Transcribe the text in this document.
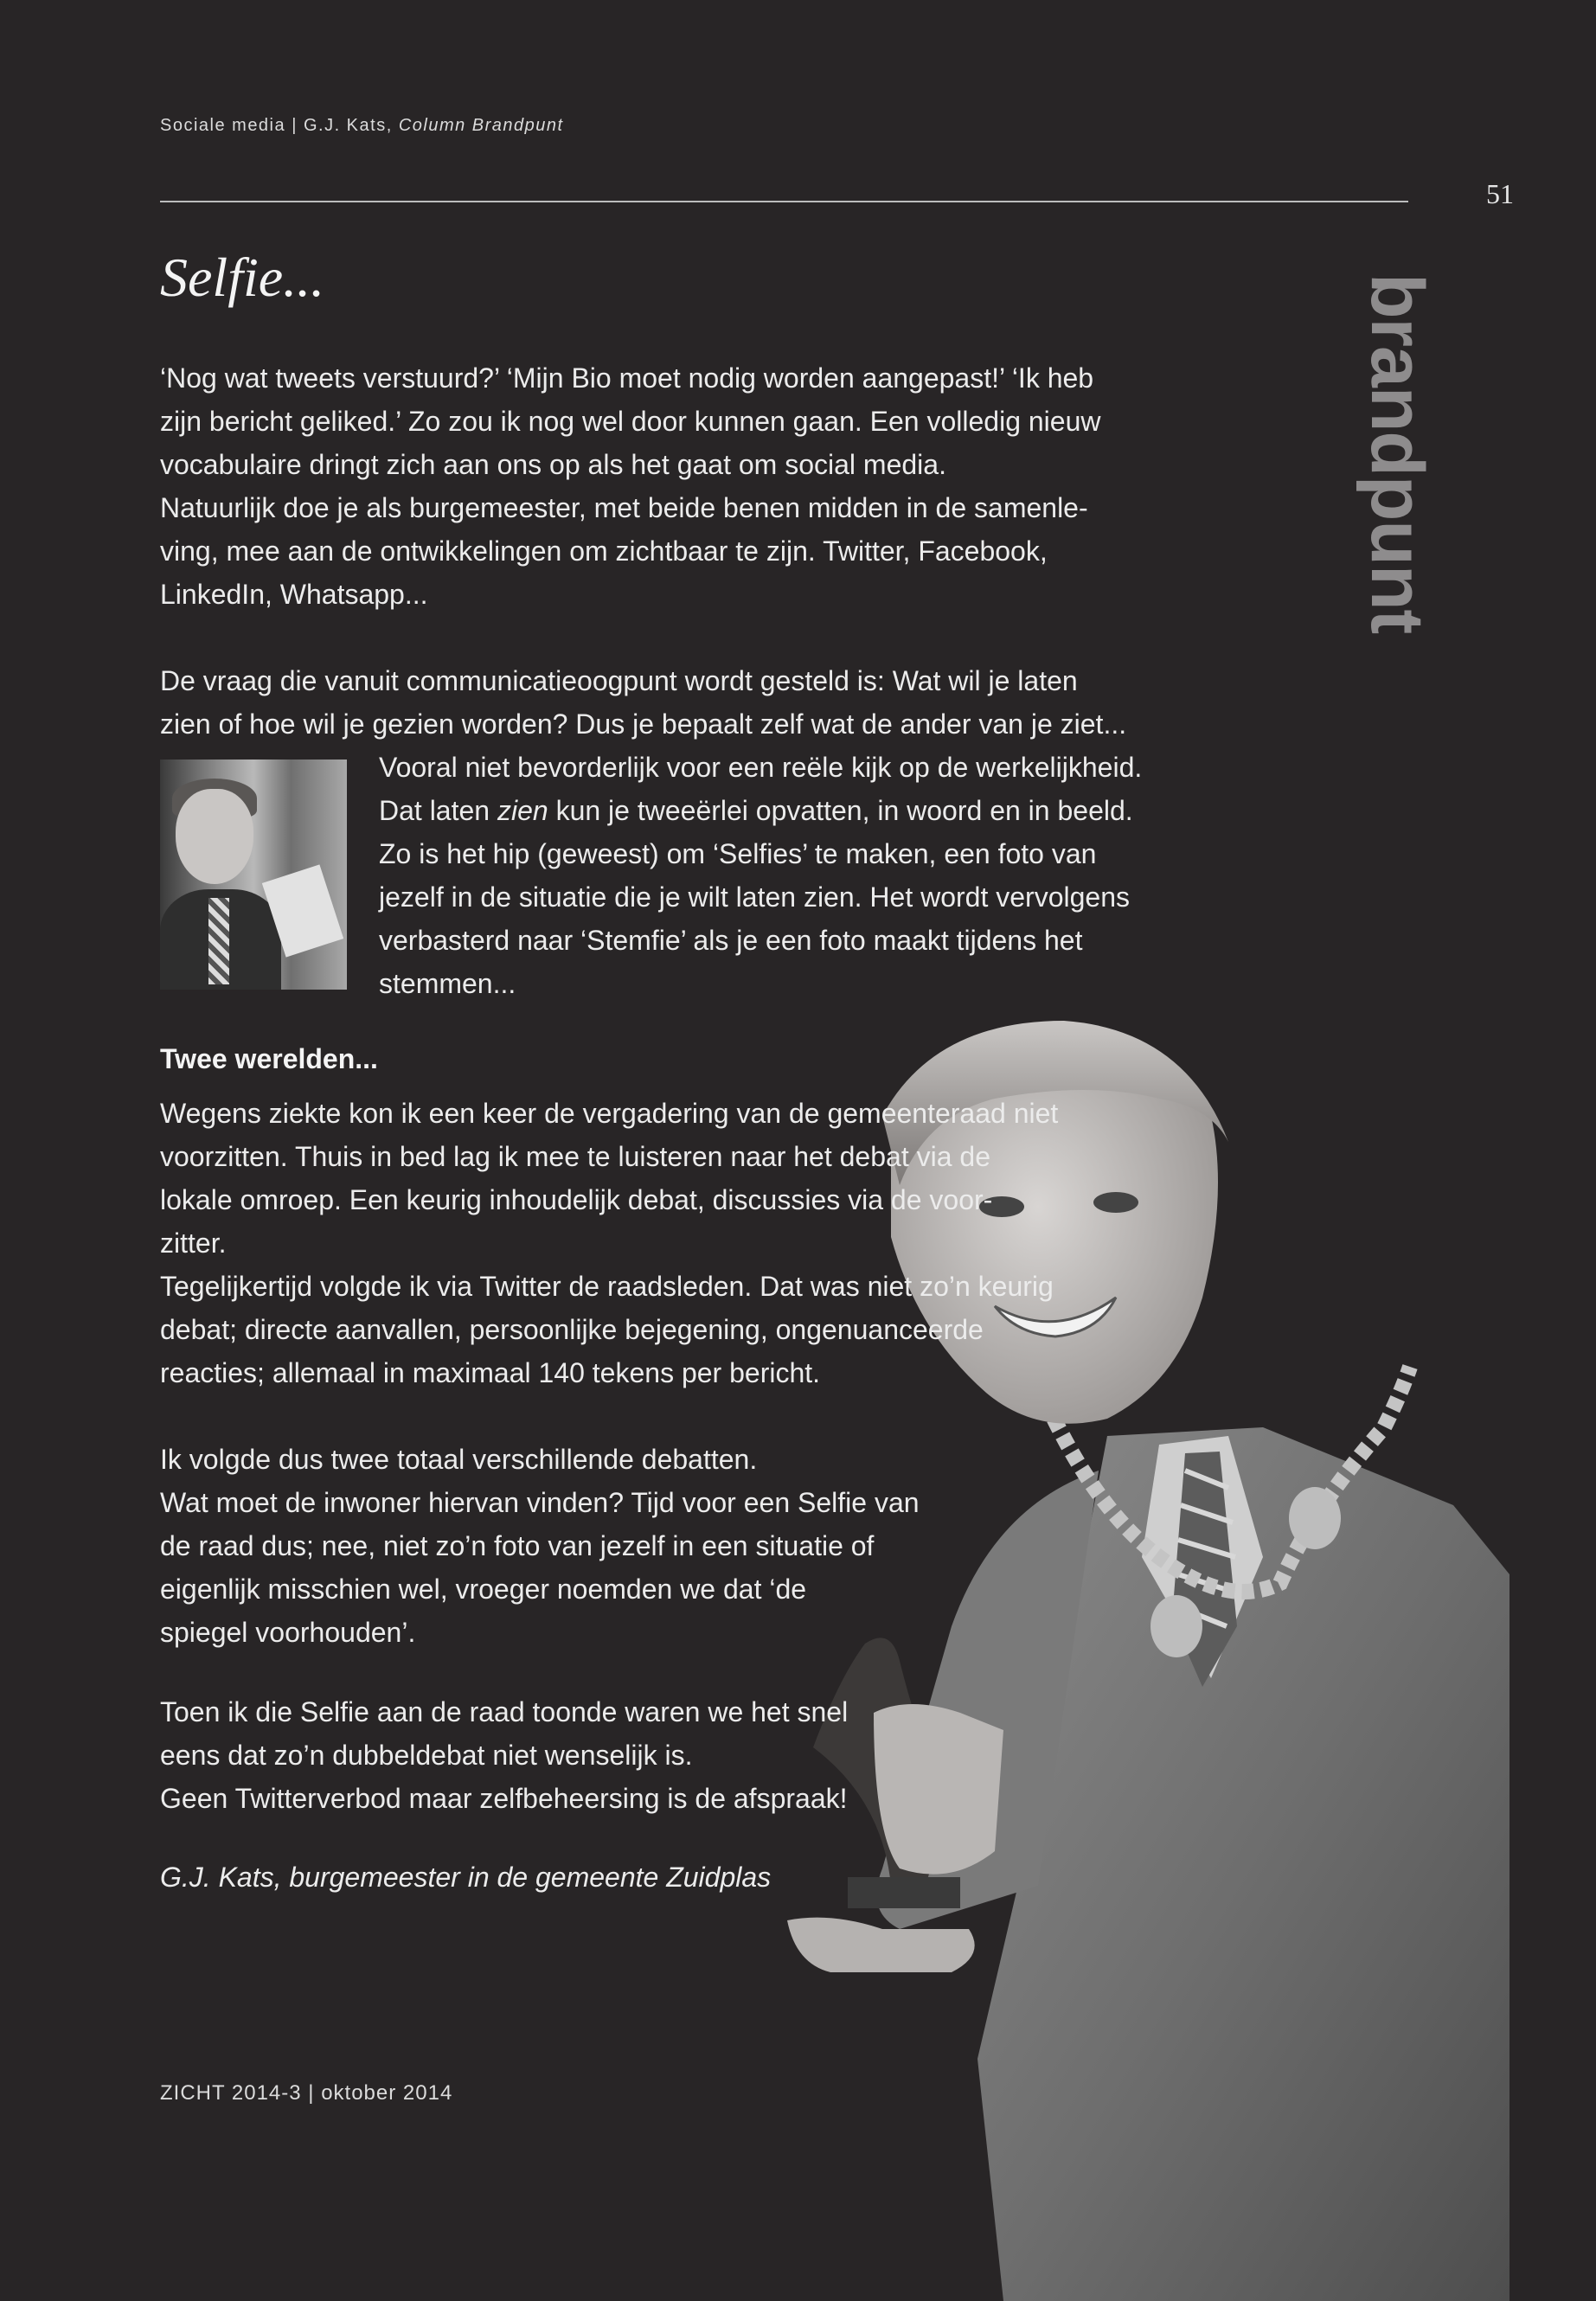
Sociale media | G.J. Kats, Column Brandpunt
51
brandpunt
Selfie...

‘Nog wat tweets verstuurd?’ ‘Mijn Bio moet nodig worden aangepast!’ ‘Ik heb
zijn bericht geliked.’ Zo zou ik nog wel door kunnen gaan. Een volledig nieuw
vocabulaire dringt zich aan ons op als het gaat om social media.
Natuurlijk doe je als burgemeester, met beide benen midden in de samenle-
ving, mee aan de ontwikkelingen om zichtbaar te zijn. Twitter, Facebook,
LinkedIn, Whatsapp...

De vraag die vanuit communicatieoogpunt wordt gesteld is: Wat wil je laten
zien of hoe wil je gezien worden? Dus je bepaalt zelf wat de ander van je ziet...

Vooral niet bevorderlijk voor een reële kijk op de werkelijkheid.
Dat laten zien kun je tweeërlei opvatten, in woord en in beeld.
Zo is het hip (geweest) om ‘Selfies’ te maken, een foto van
jezelf in de situatie die je wilt laten zien. Het wordt vervolgens
verbasterd naar ‘Stemfie’ als je een foto maakt tijdens het
stemmen...

Twee werelden...

Wegens ziekte kon ik een keer de vergadering van de gemeenteraad niet
voorzitten. Thuis in bed lag ik mee te luisteren naar het debat via de
lokale omroep. Een keurig inhoudelijk debat, discussies via de voor-
zitter.
Tegelijkertijd volgde ik via Twitter de raadsleden. Dat was niet zo’n keurig
debat; directe aanvallen, persoonlijke bejegening, ongenuanceerde
reacties; allemaal in maximaal 140 tekens per bericht.

Ik volgde dus twee totaal verschillende debatten.
Wat moet de inwoner hiervan vinden? Tijd voor een Selfie van
de raad dus; nee, niet zo’n foto van jezelf in een situatie of
eigenlijk misschien wel, vroeger noemden we dat ‘de
spiegel voorhouden’.

Toen ik die Selfie aan de raad toonde waren we het snel
eens dat zo’n dubbeldebat niet wenselijk is.
Geen Twitterverbod maar zelfbeheersing is de afspraak!

G.J. Kats, burgemeester in de gemeente Zuidplas

ZICHT 2014-3 | oktober 2014
